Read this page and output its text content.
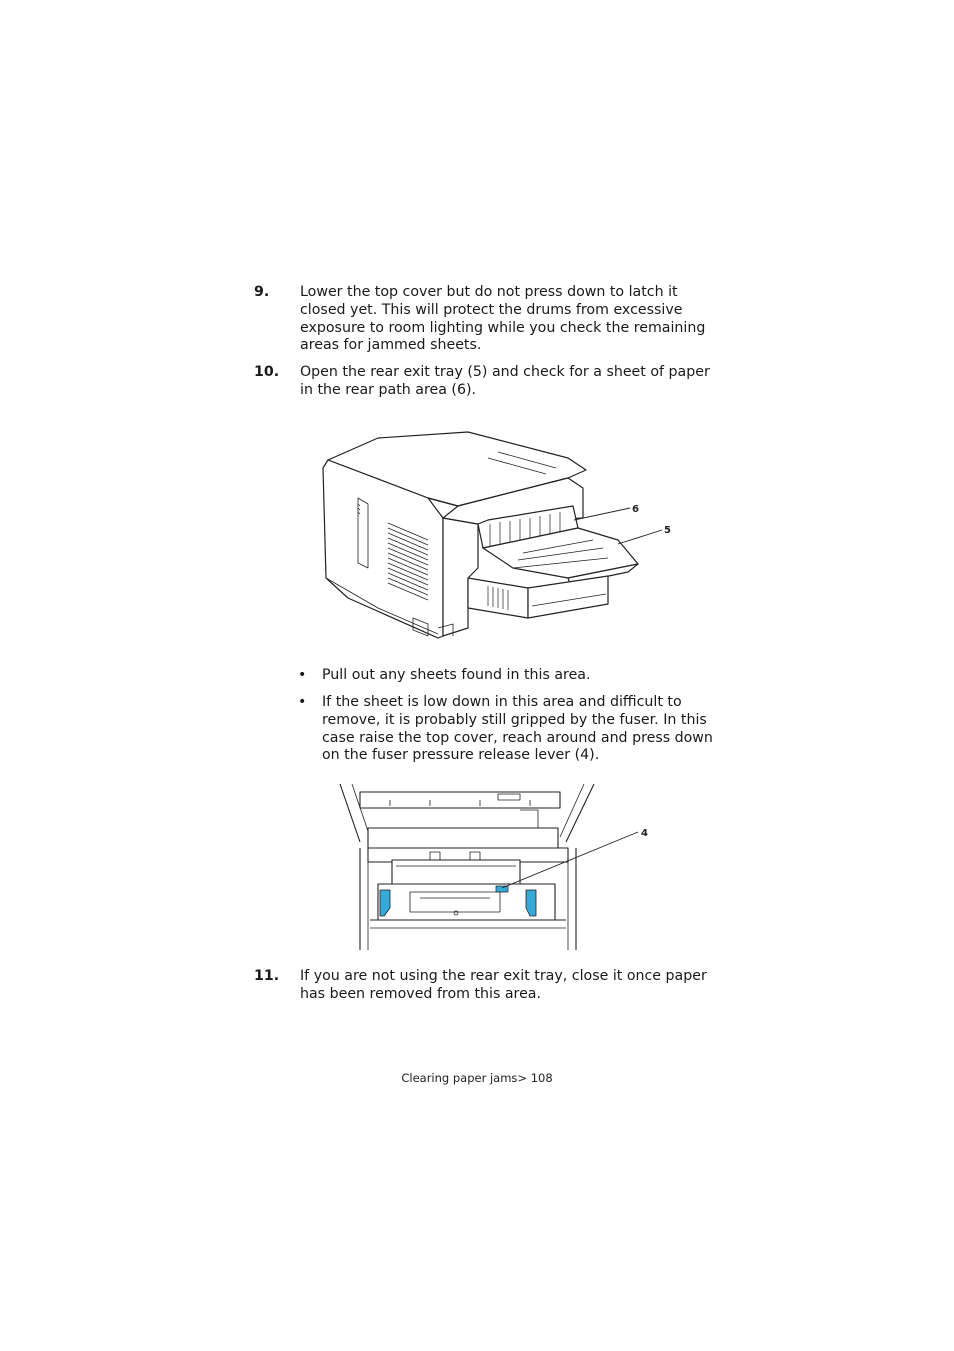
9. Lower the top cover but do not press down to latch it closed yet. This will protect the drums from excessive exposure to room lighting while you check the remaining areas for jammed sheets.
10. Open the rear exit tray (5) and check for a sheet of paper in the rear path area (6).
6
5
• Pull out any sheets found in this area.
• If the sheet is low down in this area and difficult to remove, it is probably still gripped by the fuser. In this case raise the top cover, reach around and press down on the fuser pressure release lever (4).
4
11. If you are not using the rear exit tray, close it once paper has been removed from this area.
Clearing paper jams> 108
